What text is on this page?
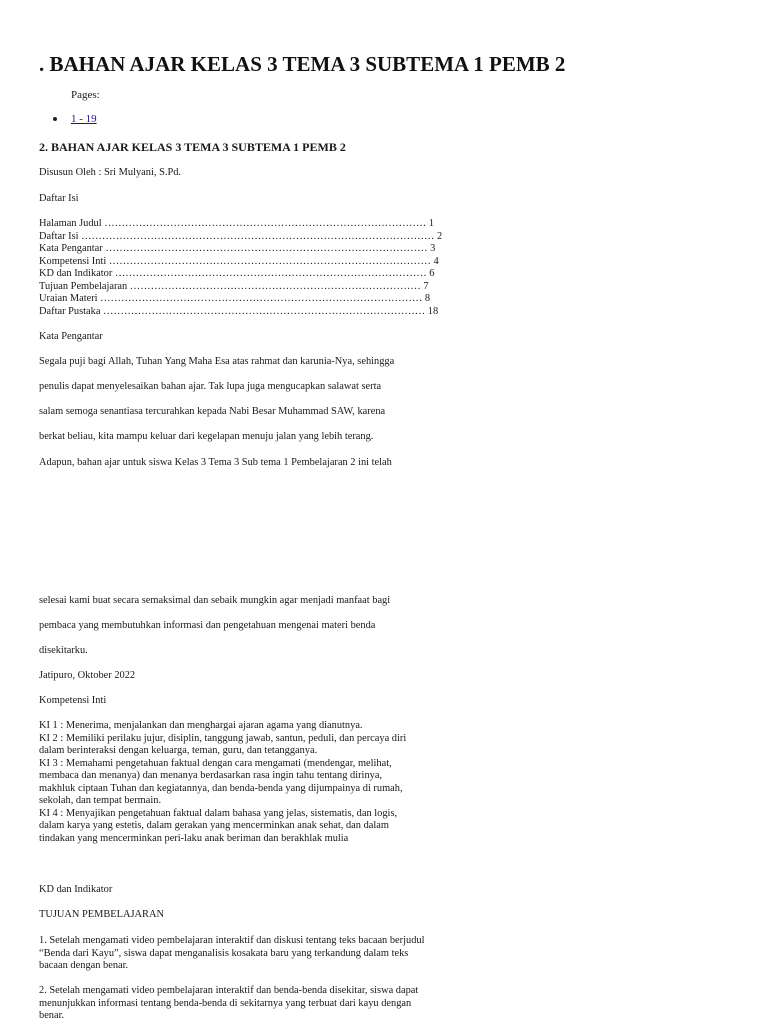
. BAHAN AJAR KELAS 3 TEMA 3 SUBTEMA 1 PEMB 2
Pages:
1 - 19
2. BAHAN AJAR KELAS 3 TEMA 3 SUBTEMA 1 PEMB 2

Disusun Oleh : Sri Mulyani, S.Pd.

Daftar Isi

Halaman Judul ………………………………………………………………………………… 1
Daftar Isi ………………………………………………………………………………………… 2
Kata Pengantar ………………………………………………………………………………… 3
Kompetensi Inti ………………………………………………………………………………… 4
KD dan Indikator ……………………………………………………………………………… 6
Tujuan Pembelajaran ………………………………………………………………………… 7
Uraian Materi ………………………………………………………………………………… 8
Daftar Pustaka ………………………………………………………………………………… 18

Kata Pengantar

Segala puji bagi Allah, Tuhan Yang Maha Esa atas rahmat dan karunia-Nya, sehingga

penulis dapat menyelesaikan bahan ajar. Tak lupa juga mengucapkan salawat serta

salam semoga senantiasa tercurahkan kepada Nabi Besar Muhammad SAW, karena

berkat beliau, kita mampu keluar dari kegelapan menuju jalan yang lebih terang.

Adapun, bahan ajar untuk siswa Kelas 3 Tema 3 Sub tema 1 Pembelajaran 2 ini telah

selesai kami buat secara semaksimal dan sebaik mungkin agar menjadi manfaat bagi

pembaca yang membutuhkan informasi dan pengetahuan mengenai materi benda

disekitarku.

Jatipuro, Oktober 2022

Kompetensi Inti

KI 1 : Menerima, menjalankan dan menghargai ajaran agama yang dianutnya.
KI 2 : Memiliki perilaku jujur, disiplin, tanggung jawab, santun, peduli, dan percaya diri
dalam berinteraksi dengan keluarga, teman, guru, dan tetangganya.
KI 3 : Memahami pengetahuan faktual dengan cara mengamati (mendengar, melihat,
membaca dan menanya) dan menanya berdasarkan rasa ingin tahu tentang dirinya,
makhluk ciptaan Tuhan dan kegiatannya, dan benda-benda yang dijumpainya di rumah,
sekolah, dan tempat bermain.
KI 4 : Menyajikan pengetahuan faktual dalam bahasa yang jelas, sistematis, dan logis,
dalam karya yang estetis, dalam gerakan yang mencerminkan anak sehat, dan dalam
tindakan yang mencerminkan peri-laku anak beriman dan berakhlak mulia

KD dan Indikator

TUJUAN PEMBELAJARAN

1. Setelah mengamati video pembelajaran interaktif dan diskusi tentang teks bacaan berjudul
“Benda dari Kayu”, siswa dapat menganalisis kosakata baru yang terkandung dalam teks
bacaan dengan benar.
2. Setelah mengamati video pembelajaran interaktif dan benda-benda disekitar, siswa dapat
menunjukkan informasi tentang benda-benda di sekitarnya yang terbuat dari kayu dengan
benar.
